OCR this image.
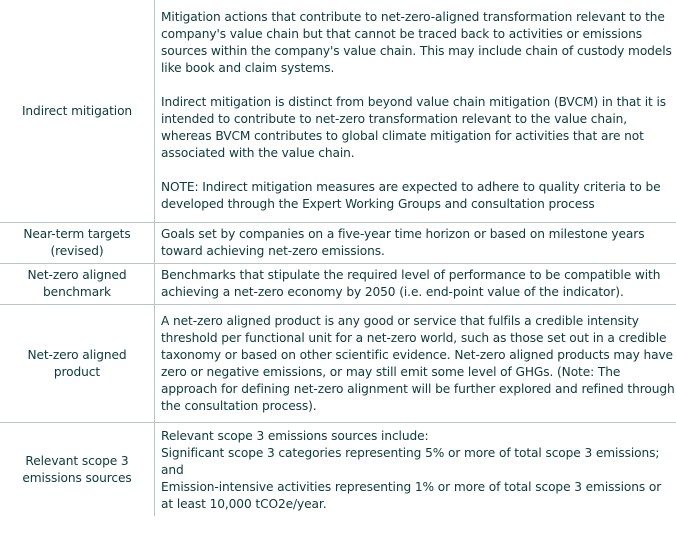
Indirect mitigation	Mitigation actions that contribute to net-zero-aligned transformation relevant to the company's value chain but that cannot be traced back to activities or emissions sources within the company's value chain. This may include chain of custody models like book and claim systems.

Indirect mitigation is distinct from beyond value chain mitigation (BVCM) in that it is intended to contribute to net-zero transformation relevant to the value chain, whereas BVCM contributes to global climate mitigation for activities that are not associated with the value chain.

NOTE: Indirect mitigation measures are expected to adhere to quality criteria to be developed through the Expert Working Groups and consultation process

Near-term targets (revised)	Goals set by companies on a five-year time horizon or based on milestone years toward achieving net-zero emissions.

Net-zero aligned benchmark	Benchmarks that stipulate the required level of performance to be compatible with achieving a net-zero economy by 2050 (i.e. end-point value of the indicator).

Net-zero aligned product	A net-zero aligned product is any good or service that fulfils a credible intensity threshold per functional unit for a net-zero world, such as those set out in a credible taxonomy or based on other scientific evidence. Net-zero aligned products may have zero or negative emissions, or may still emit some level of GHGs. (Note: The approach for defining net-zero alignment will be further explored and refined through the consultation process).

Relevant scope 3 emissions sources	Relevant scope 3 emissions sources include:
Significant scope 3 categories representing 5% or more of total scope 3 emissions; and
Emission-intensive activities representing 1% or more of total scope 3 emissions or at least 10,000 tCO2e/year.
